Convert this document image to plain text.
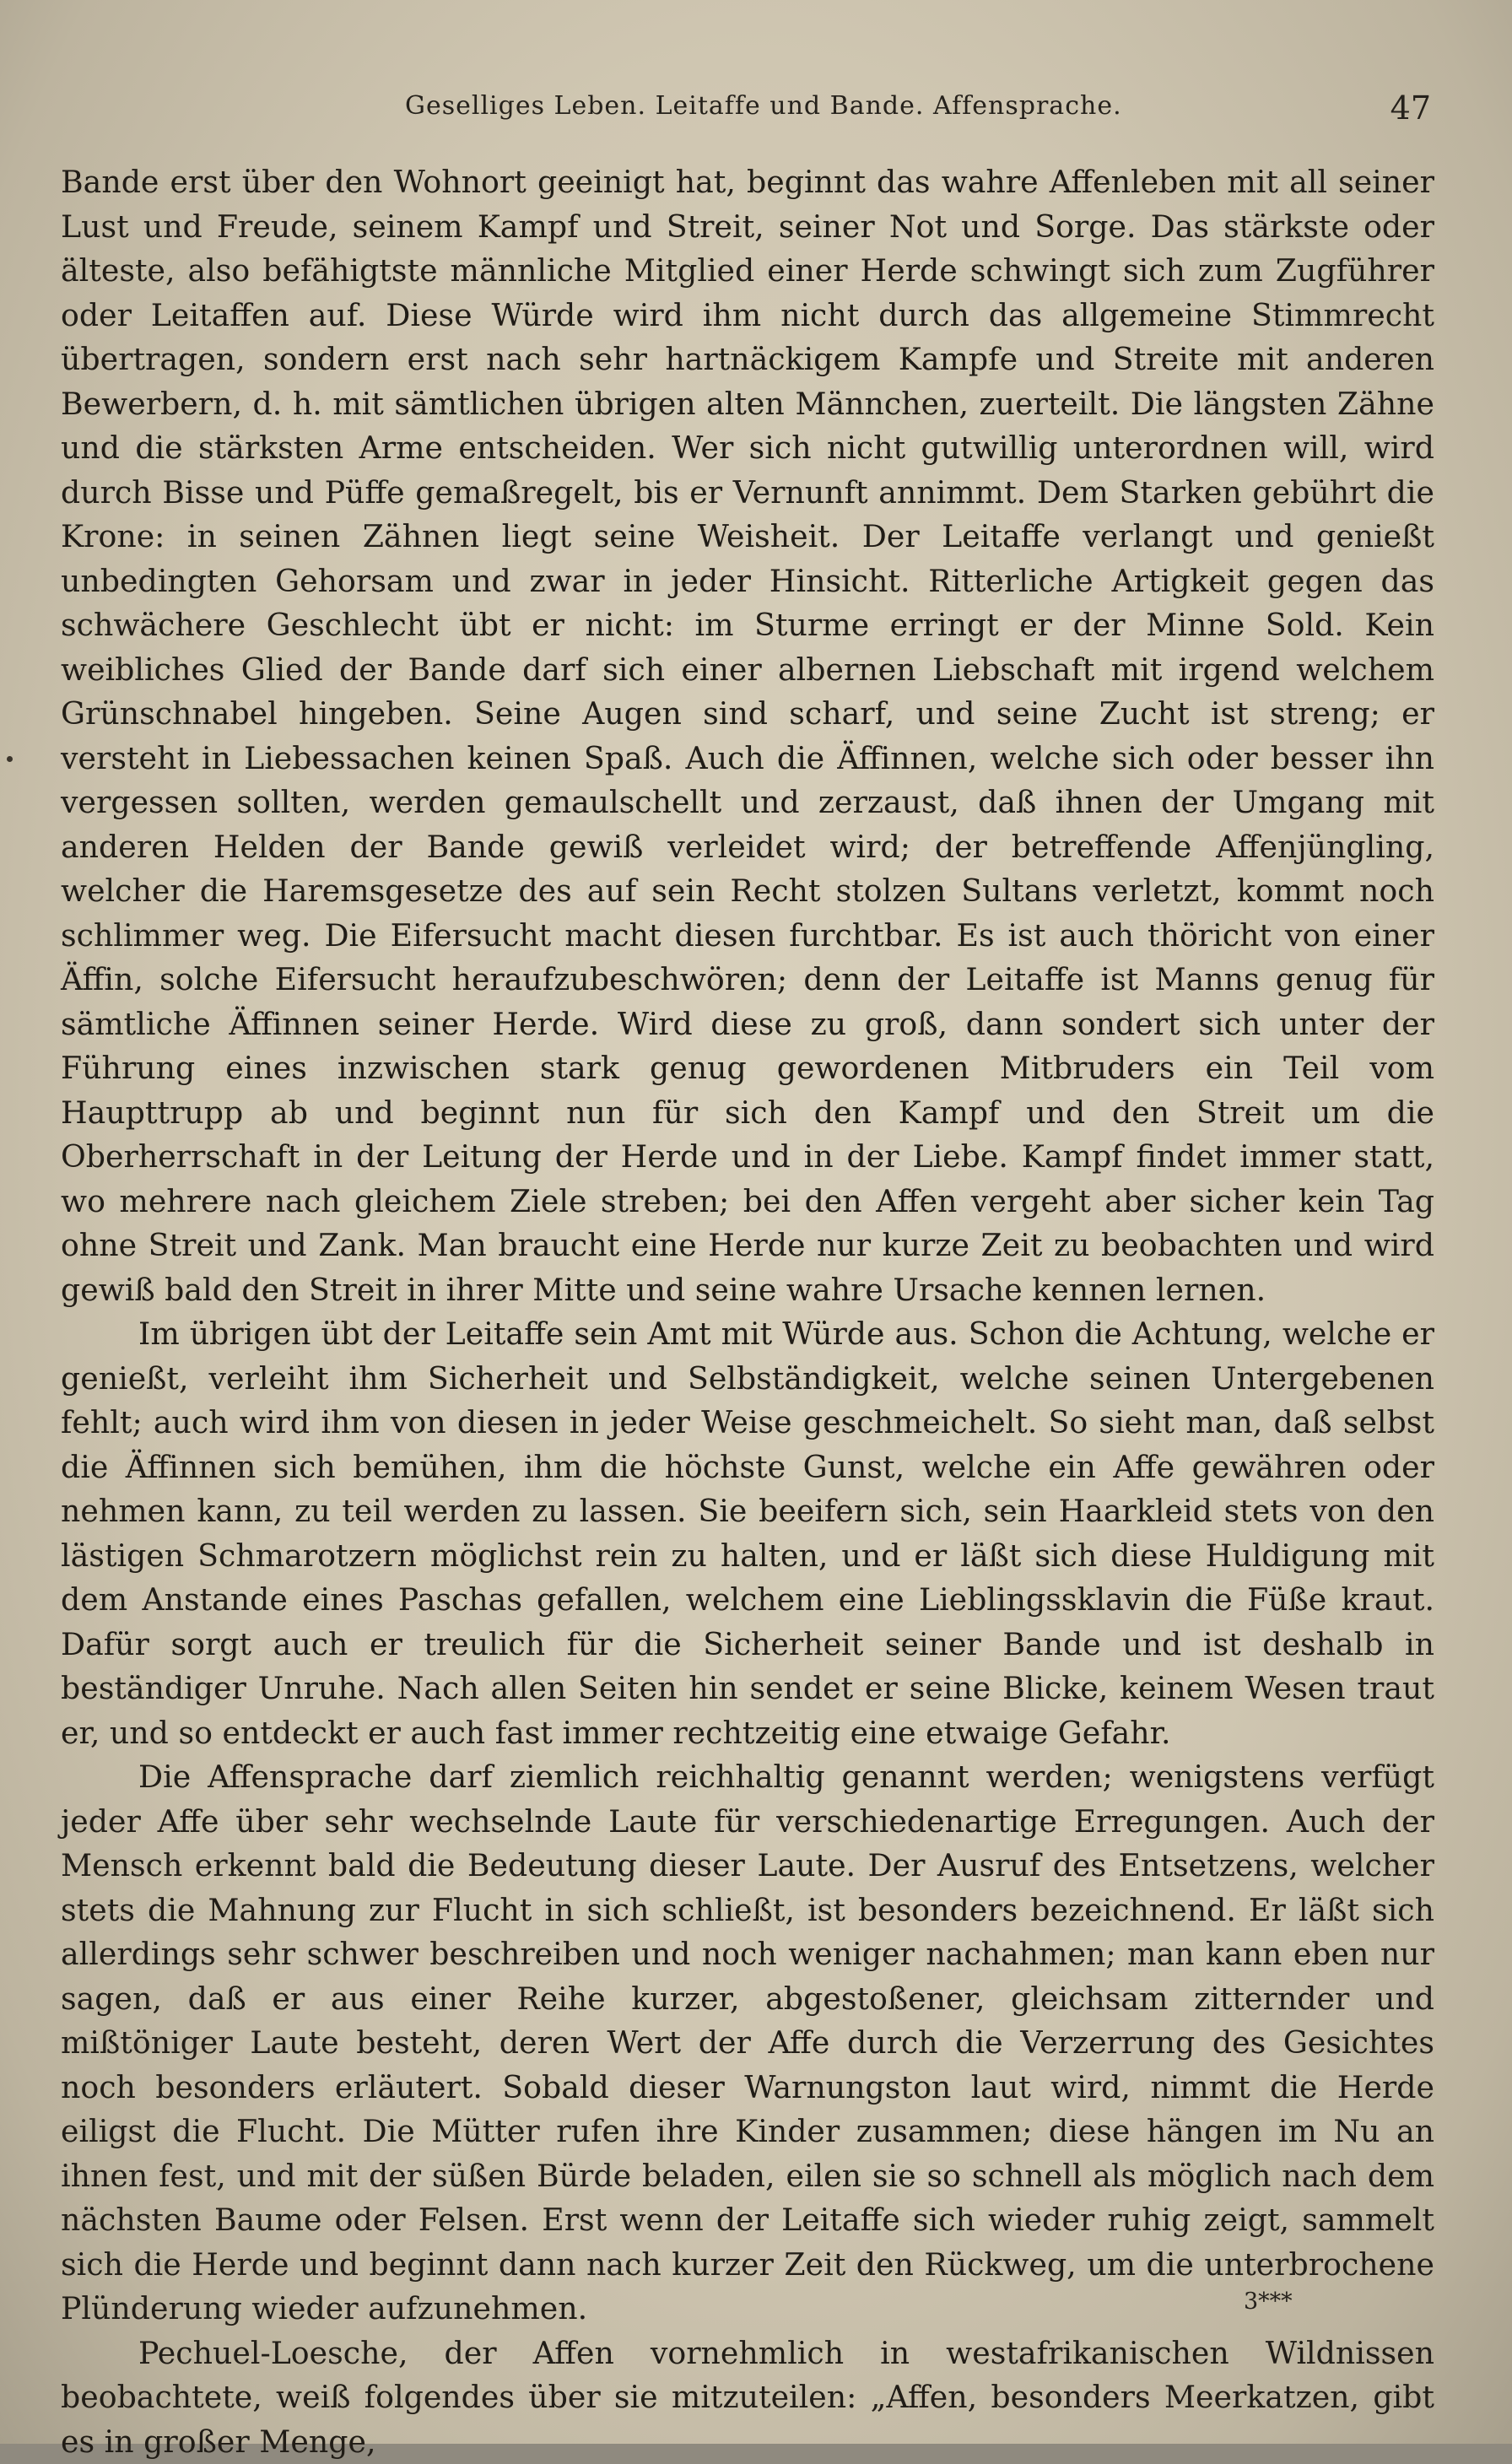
Geselliges Leben. Leitaffe und Bande. Affensprache.	47

Bande erst über den Wohnort geeinigt hat, beginnt das wahre Affenleben mit all seiner Lust und Freude, seinem Kampf und Streit, seiner Not und Sorge. Das stärkste oder älteste, also befähigtste männliche Mitglied einer Herde schwingt sich zum Zugführer oder Leitaffen auf. Diese Würde wird ihm nicht durch das allgemeine Stimmrecht übertragen, sondern erst nach sehr hartnäckigem Kampfe und Streite mit anderen Bewerbern, d. h. mit sämtlichen übrigen alten Männchen, zuerteilt. Die längsten Zähne und die stärksten Arme entscheiden. Wer sich nicht gutwillig unterordnen will, wird durch Bisse und Püffe gemaßregelt, bis er Vernunft annimmt. Dem Starken gebührt die Krone: in seinen Zähnen liegt seine Weisheit. Der Leitaffe verlangt und genießt unbedingten Gehorsam und zwar in jeder Hinsicht. Ritterliche Artigkeit gegen das schwächere Geschlecht übt er nicht: im Sturme erringt er der Minne Sold. Kein weibliches Glied der Bande darf sich einer albernen Liebschaft mit irgend welchem Grünschnabel hingeben. Seine Augen sind scharf, und seine Zucht ist streng; er versteht in Liebessachen keinen Spaß. Auch die Äffinnen, welche sich oder besser ihn vergessen sollten, werden gemaulschellt und zerzaust, daß ihnen der Umgang mit anderen Helden der Bande gewiß verleidet wird; der betreffende Affenjüngling, welcher die Haremsgesetze des auf sein Recht stolzen Sultans verletzt, kommt noch schlimmer weg. Die Eifersucht macht diesen furchtbar. Es ist auch thöricht von einer Äffin, solche Eifersucht heraufzubeschwören; denn der Leitaffe ist Manns genug für sämtliche Äffinnen seiner Herde. Wird diese zu groß, dann sondert sich unter der Führung eines inzwischen stark genug gewordenen Mitbruders ein Teil vom Haupttrupp ab und beginnt nun für sich den Kampf und den Streit um die Oberherrschaft in der Leitung der Herde und in der Liebe. Kampf findet immer statt, wo mehrere nach gleichem Ziele streben; bei den Affen vergeht aber sicher kein Tag ohne Streit und Zank. Man braucht eine Herde nur kurze Zeit zu beobachten und wird gewiß bald den Streit in ihrer Mitte und seine wahre Ursache kennen lernen.

Im übrigen übt der Leitaffe sein Amt mit Würde aus. Schon die Achtung, welche er genießt, verleiht ihm Sicherheit und Selbständigkeit, welche seinen Untergebenen fehlt; auch wird ihm von diesen in jeder Weise geschmeichelt. So sieht man, daß selbst die Äffinnen sich bemühen, ihm die höchste Gunst, welche ein Affe gewähren oder nehmen kann, zu teil werden zu lassen. Sie beeifern sich, sein Haarkleid stets von den lästigen Schmarotzern möglichst rein zu halten, und er läßt sich diese Huldigung mit dem Anstande eines Paschas gefallen, welchem eine Lieblingssklavin die Füße kraut. Dafür sorgt auch er treulich für die Sicherheit seiner Bande und ist deshalb in beständiger Unruhe. Nach allen Seiten hin sendet er seine Blicke, keinem Wesen traut er, und so entdeckt er auch fast immer rechtzeitig eine etwaige Gefahr.

Die Affensprache darf ziemlich reichhaltig genannt werden; wenigstens verfügt jeder Affe über sehr wechselnde Laute für verschiedenartige Erregungen. Auch der Mensch erkennt bald die Bedeutung dieser Laute. Der Ausruf des Entsetzens, welcher stets die Mahnung zur Flucht in sich schließt, ist besonders bezeichnend. Er läßt sich allerdings sehr schwer beschreiben und noch weniger nachahmen; man kann eben nur sagen, daß er aus einer Reihe kurzer, abgestoßener, gleichsam zitternder und mißtöniger Laute besteht, deren Wert der Affe durch die Verzerrung des Gesichtes noch besonders erläutert. Sobald dieser Warnungston laut wird, nimmt die Herde eiligst die Flucht. Die Mütter rufen ihre Kinder zusammen; diese hängen im Nu an ihnen fest, und mit der süßen Bürde beladen, eilen sie so schnell als möglich nach dem nächsten Baume oder Felsen. Erst wenn der Leitaffe sich wieder ruhig zeigt, sammelt sich die Herde und beginnt dann nach kurzer Zeit den Rückweg, um die unterbrochene Plünderung wieder aufzunehmen.

Pechuel-Loesche, der Affen vornehmlich in westafrikanischen Wildnissen beobachtete, weiß folgendes über sie mitzuteilen: „Affen, besonders Meerkatzen, gibt es in großer Menge,

3***
